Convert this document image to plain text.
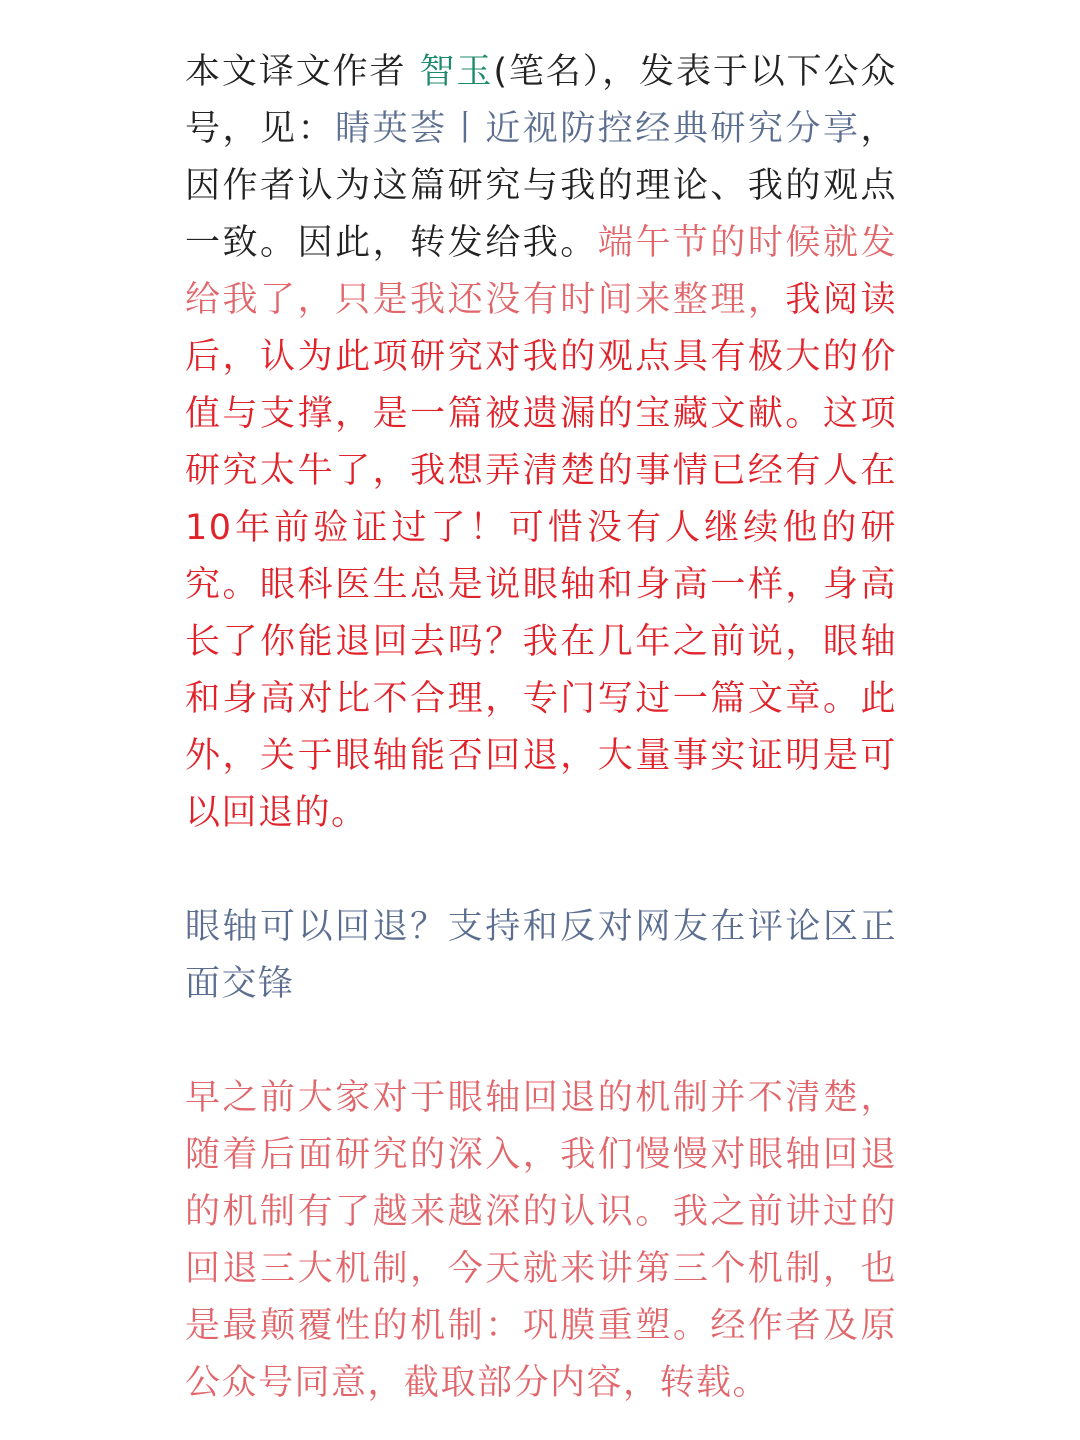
本文译文作者 智玉(笔名），发表于以下公众号，见：睛英荟丨近视防控经典研究分享，因作者认为这篇研究与我的理论、我的观点一致。因此，转发给我。端午节的时候就发给我了，只是我还没有时间来整理，我阅读后，认为此项研究对我的观点具有极大的价值与支撑，是一篇被遗漏的宝藏文献。这项研究太牛了，我想弄清楚的事情已经有人在10年前验证过了！可惜没有人继续他的研究。眼科医生总是说眼轴和身高一样，身高长了你能退回去吗？我在几年之前说，眼轴和身高对比不合理，专门写过一篇文章。此外，关于眼轴能否回退，大量事实证明是可以回退的。

眼轴可以回退？支持和反对网友在评论区正面交锋

早之前大家对于眼轴回退的机制并不清楚，随着后面研究的深入，我们慢慢对眼轴回退的机制有了越来越深的认识。我之前讲过的回退三大机制，今天就来讲第三个机制，也是最颠覆性的机制：巩膜重塑。经作者及原公众号同意，截取部分内容，转载。
